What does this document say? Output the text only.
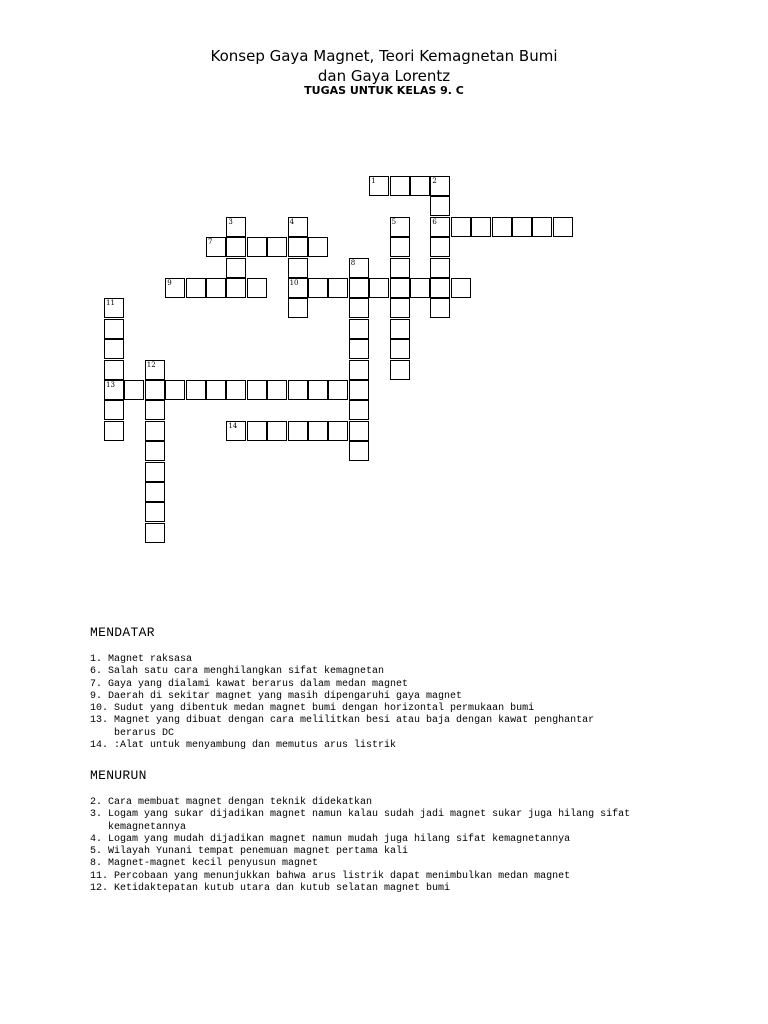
Konsep Gaya Magnet, Teori Kemagnetan Bumi
dan Gaya Lorentz
TUGAS UNTUK KELAS 9. C
1	2
6
3	4
10
5
7
8
9
11
13
12
14
MENDATAR
1. Magnet raksasa
6. Salah satu cara menghilangkan sifat kemagnetan
7. Gaya yang dialami kawat berarus dalam medan magnet
9. Daerah di sekitar magnet yang masih dipengaruhi gaya magnet
10. Sudut yang dibentuk medan magnet bumi dengan horizontal permukaan bumi
13. Magnet yang dibuat dengan cara melilitkan besi atau baja dengan kawat penghantar
berarus DC
14. :Alat untuk menyambung dan memutus arus listrik
MENURUN
2. Cara membuat magnet dengan teknik didekatkan
3. Logam yang sukar dijadikan magnet namun kalau sudah jadi magnet sukar juga hilang sifat
kemagnetannya
4. Logam yang mudah dijadikan magnet namun mudah juga hilang sifat kemagnetannya
5. Wilayah Yunani tempat penemuan magnet pertama kali
8. Magnet-magnet kecil penyusun magnet
11. Percobaan yang menunjukkan bahwa arus listrik dapat menimbulkan medan magnet
12. Ketidaktepatan kutub utara dan kutub selatan magnet bumi
